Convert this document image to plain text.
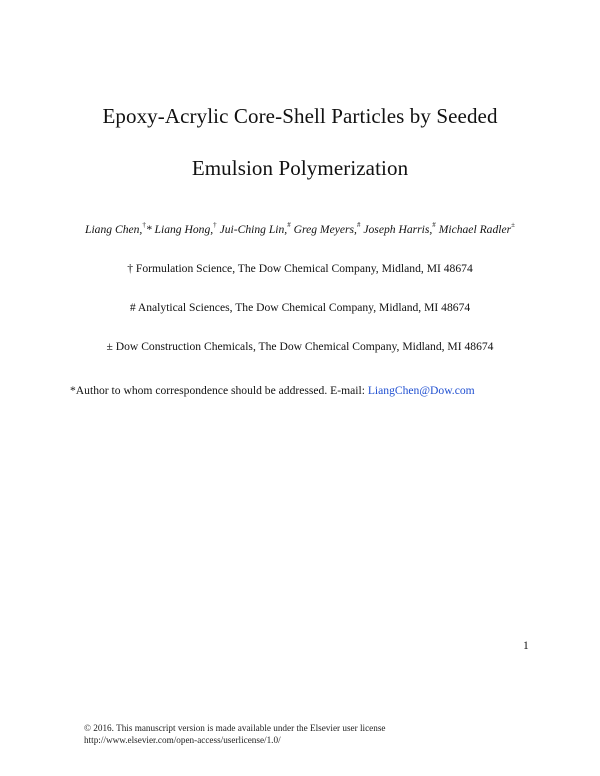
Epoxy-Acrylic Core-Shell Particles by Seeded
Emulsion Polymerization
Liang Chen,†* Liang Hong,† Jui-Ching Lin,# Greg Meyers,# Joseph Harris,# Michael Radler±
† Formulation Science, The Dow Chemical Company, Midland, MI 48674
# Analytical Sciences, The Dow Chemical Company, Midland, MI 48674
± Dow Construction Chemicals, The Dow Chemical Company, Midland, MI 48674
*Author to whom correspondence should be addressed. E-mail: LiangChen@Dow.com
1
© 2016. This manuscript version is made available under the Elsevier user license
http://www.elsevier.com/open-access/userlicense/1.0/
